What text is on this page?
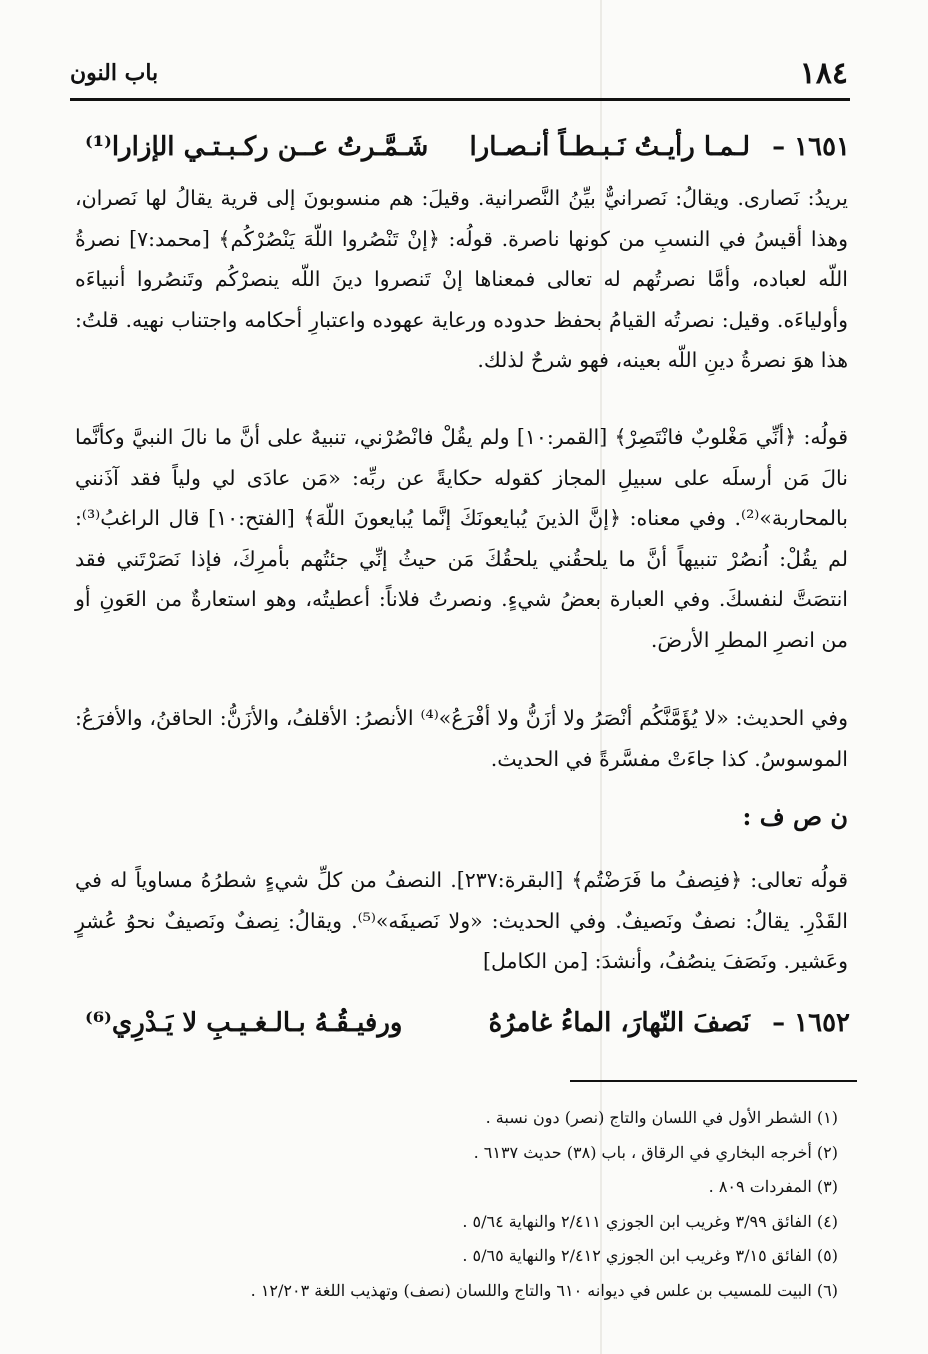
١٨٤
باب النون
١٦٥١ –
لـمـا رأيـتُ نَـبـطـاً أنـصـارا
شَـمَّـرتُ عــن ركـبـتـي الإزارا⁽¹⁾
يريدُ: نَصارى. ويقالُ: نَصرانيٌّ بيِّنُ النَّصرانية. وقيلَ: هم منسوبونَ إلى قرية يقالُ لها نَصران، وهذا أقيسُ في النسبِ من كونها ناصرة. قولُه: ﴿إنْ تَنْصُروا اللّهَ يَنْصُرْكُم﴾ [محمد:٧] نصرةُ اللّه لعباده، وأمَّا نصرتُهم له تعالى فمعناها إنْ تَنصروا دينَ اللّه ينصرْكُم وتَنصُروا أنبياءَه وأولياءَه. وقيل: نصرتُه القيامُ بحفظ حدوده ورعاية عهوده واعتبارِ أحكامه واجتناب نهيه. قلتُ: هذا هوَ نصرةُ دينِ اللّه بعينه، فهو شرحٌ لذلك.
قولُه: ﴿أنِّي مَغْلوبٌ فانْتَصِرْ﴾ [القمر:١٠] ولم يقُلْ فانْصُرْني، تنبيهٌ على أنَّ ما نالَ النبيَّ وكأنَّما نالَ مَن أرسلَه على سبيلِ المجاز كقوله حكايةً عن ربِّه: «مَن عادَى لي ولياً فقد آذَنني بالمحاربة»⁽²⁾. وفي معناه: ﴿إنَّ الذينَ يُبايعونَكَ إنَّما يُبايعونَ اللّهَ﴾ [الفتح:١٠] قال الراغبُ⁽³⁾: لم يقُلْ: اُنصُرْ تنبيهاً أنَّ ما يلحقُني يلحقُكَ مَن حيثُ إنِّي جئتُهم بأمرِكَ، فإذا نَصَرْتَني فقد انتصَتَّ لنفسكَ. وفي العبارة بعضُ شيءٍ. ونصرتُ فلاناً: أعطيتُه، وهو استعارةٌ من العَونِ أو من انصرِ المطرِ الأرضَ.
وفي الحديث: «لا يُؤَمَّنَّكُم أنْصَرُ ولا أزَنُّ ولا أفْرَعُ»⁽⁴⁾ الأنصرُ: الأقلفُ، والأزَنُّ: الحاقنُ، والأفرَعُ: الموسوسُ. كذا جاءَتْ مفسَّرةً في الحديث.
ن ص ف :
قولُه تعالى: ﴿فنِصفُ ما فَرَضْتُم﴾ [البقرة:٢٣٧]. النصفُ من كلِّ شيءٍ شطرُهُ مساوياً له في القَدْرِ. يقالُ: نصفٌ ونَصيفٌ. وفي الحديث: «ولا نَصيفَه»⁽⁵⁾. ويقالُ: نِصفٌ ونَصيفٌ نحوُ عُشرٍ وعَشير. ونَصَفَ ينصُفُ، وأنشدَ: [من الكامل]
١٦٥٢ –
نَصفَ النّهارَ، الماءُ غامرُهُ
ورفيـقُـهُ بـالـغـيـبِ لا يَـدْرِي⁽⁶⁾
(١) الشطر الأول في اللسان والتاج (نصر) دون نسبة .
(٢) أخرجه البخاري في الرقاق ، باب (٣٨) حديث ٦١٣٧ .
(٣) المفردات ٨٠٩ .
(٤) الفائق ٣/٩٩ وغريب ابن الجوزي ٢/٤١١ والنهاية ٥/٦٤ .
(٥) الفائق ٣/١٥ وغريب ابن الجوزي ٢/٤١٢ والنهاية ٥/٦٥ .
(٦) البيت للمسيب بن علس في ديوانه ٦١٠ والتاج واللسان (نصف) وتهذيب اللغة ١٢/٢٠٣ .
